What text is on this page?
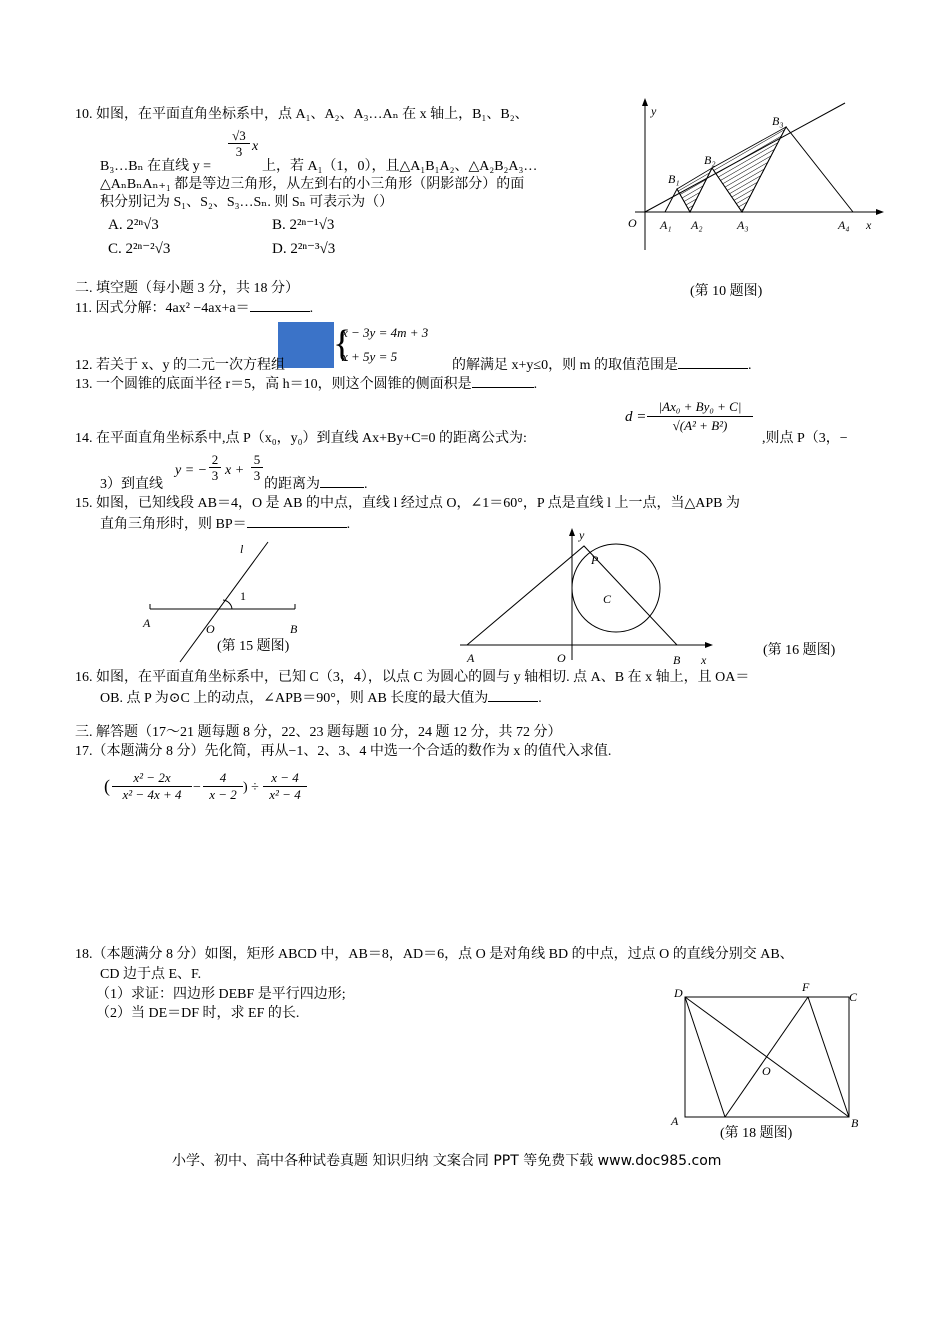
10. 如图，在平面直角坐标系中，点 A₁、A₂、A₃…Aₙ 在 x 轴上，B₁、B₂、
B₃…Bₙ 在直线 y =
$\frac{√3}{3}$ x
上，若 A₁（1，0），且△A₁B₁A₂、△A₂B₂A₃…
△AₙBₙAₙ₊₁ 都是等边三角形，从左到右的小三角形（阴影部分）的面
积分别记为 S₁、S₂、S₃…Sₙ. 则 Sₙ 可表示为（）
A. 2²ⁿ√3	B. 2²ⁿ⁻¹√3
C. 2²ⁿ⁻²√3	D. 2²ⁿ⁻³√3
y
x
O A₁ A₂	A₃	A₄
B₁
B₂
B₃
(第 10 题图)
二. 填空题（每小题 3 分，共 18 分）
11. 因式分解：4ax² −4ax+a＝	.
{
x − 3y = 4m + 3
x + 5y = 5
12. 若关于 x、y 的二元一次方程组	的解满足 x+y≤0，则 m 的取值范围是	.
13. 一个圆锥的底面半径 r＝5，高 h＝10，则这个圆锥的侧面积是	.
$d = \frac{\text{|Ax₀ + By₀ + C|}}{\text{√(A² + B²)}}$
14. 在平面直角坐标系中,点 P（x₀，y₀）到直线 Ax+By+C=0 的距离公式为:	,则点 P（3，−
3）到直线
y = − $\frac{2}{3}$ $x + \frac{5}{3}$
的距离为	.
15. 如图，已知线段 AB＝4，O 是 AB 的中点，直线 l 经过点 O，∠1＝60°，P 点是直线 l 上一点，当△APB 为
直角三角形时，则 BP＝	.
l
1
A	O	B
(第 15 题图)
y
P
C
A	O	B x
(第 16 题图)
16. 如图，在平面直角坐标系中，已知 C（3，4），以点 C 为圆心的圆与 y 轴相切. 点 A、B 在 x 轴上，且 OA＝
OB. 点 P 为⊙C 上的动点，∠APB＝90°，则 AB 长度的最大值为	.
三. 解答题（17～21 题每题 8 分，22、23 题每题 10 分，24 题 12 分，共 72 分）
17.（本题满分 8 分）先化简，再从−1、2、3、4 中选一个合适的数作为 x 的值代入求值.
( $\frac{\text{x² − 2x}}{\text{x² − 4x + 4}} - \frac{4}{x - 2}$ ) ÷ $\frac{x - 4}{\text{x² − 4}}$
18.（本题满分 8 分）如图，矩形 ABCD 中，AB＝8，AD＝6，点 O 是对角线 BD 的中点，过点 O 的直线分别交 AB、
CD 边于点 E、F.
（1）求证：四边形 DEBF 是平行四边形;
（2）当 DE＝DF 时，求 EF 的长.
D	F
C
O
A	B
(第 18 题图)
小学、初中、高中各种试卷真题 知识归纳 文案合同 PPT 等免费下载 www.doc985.com
